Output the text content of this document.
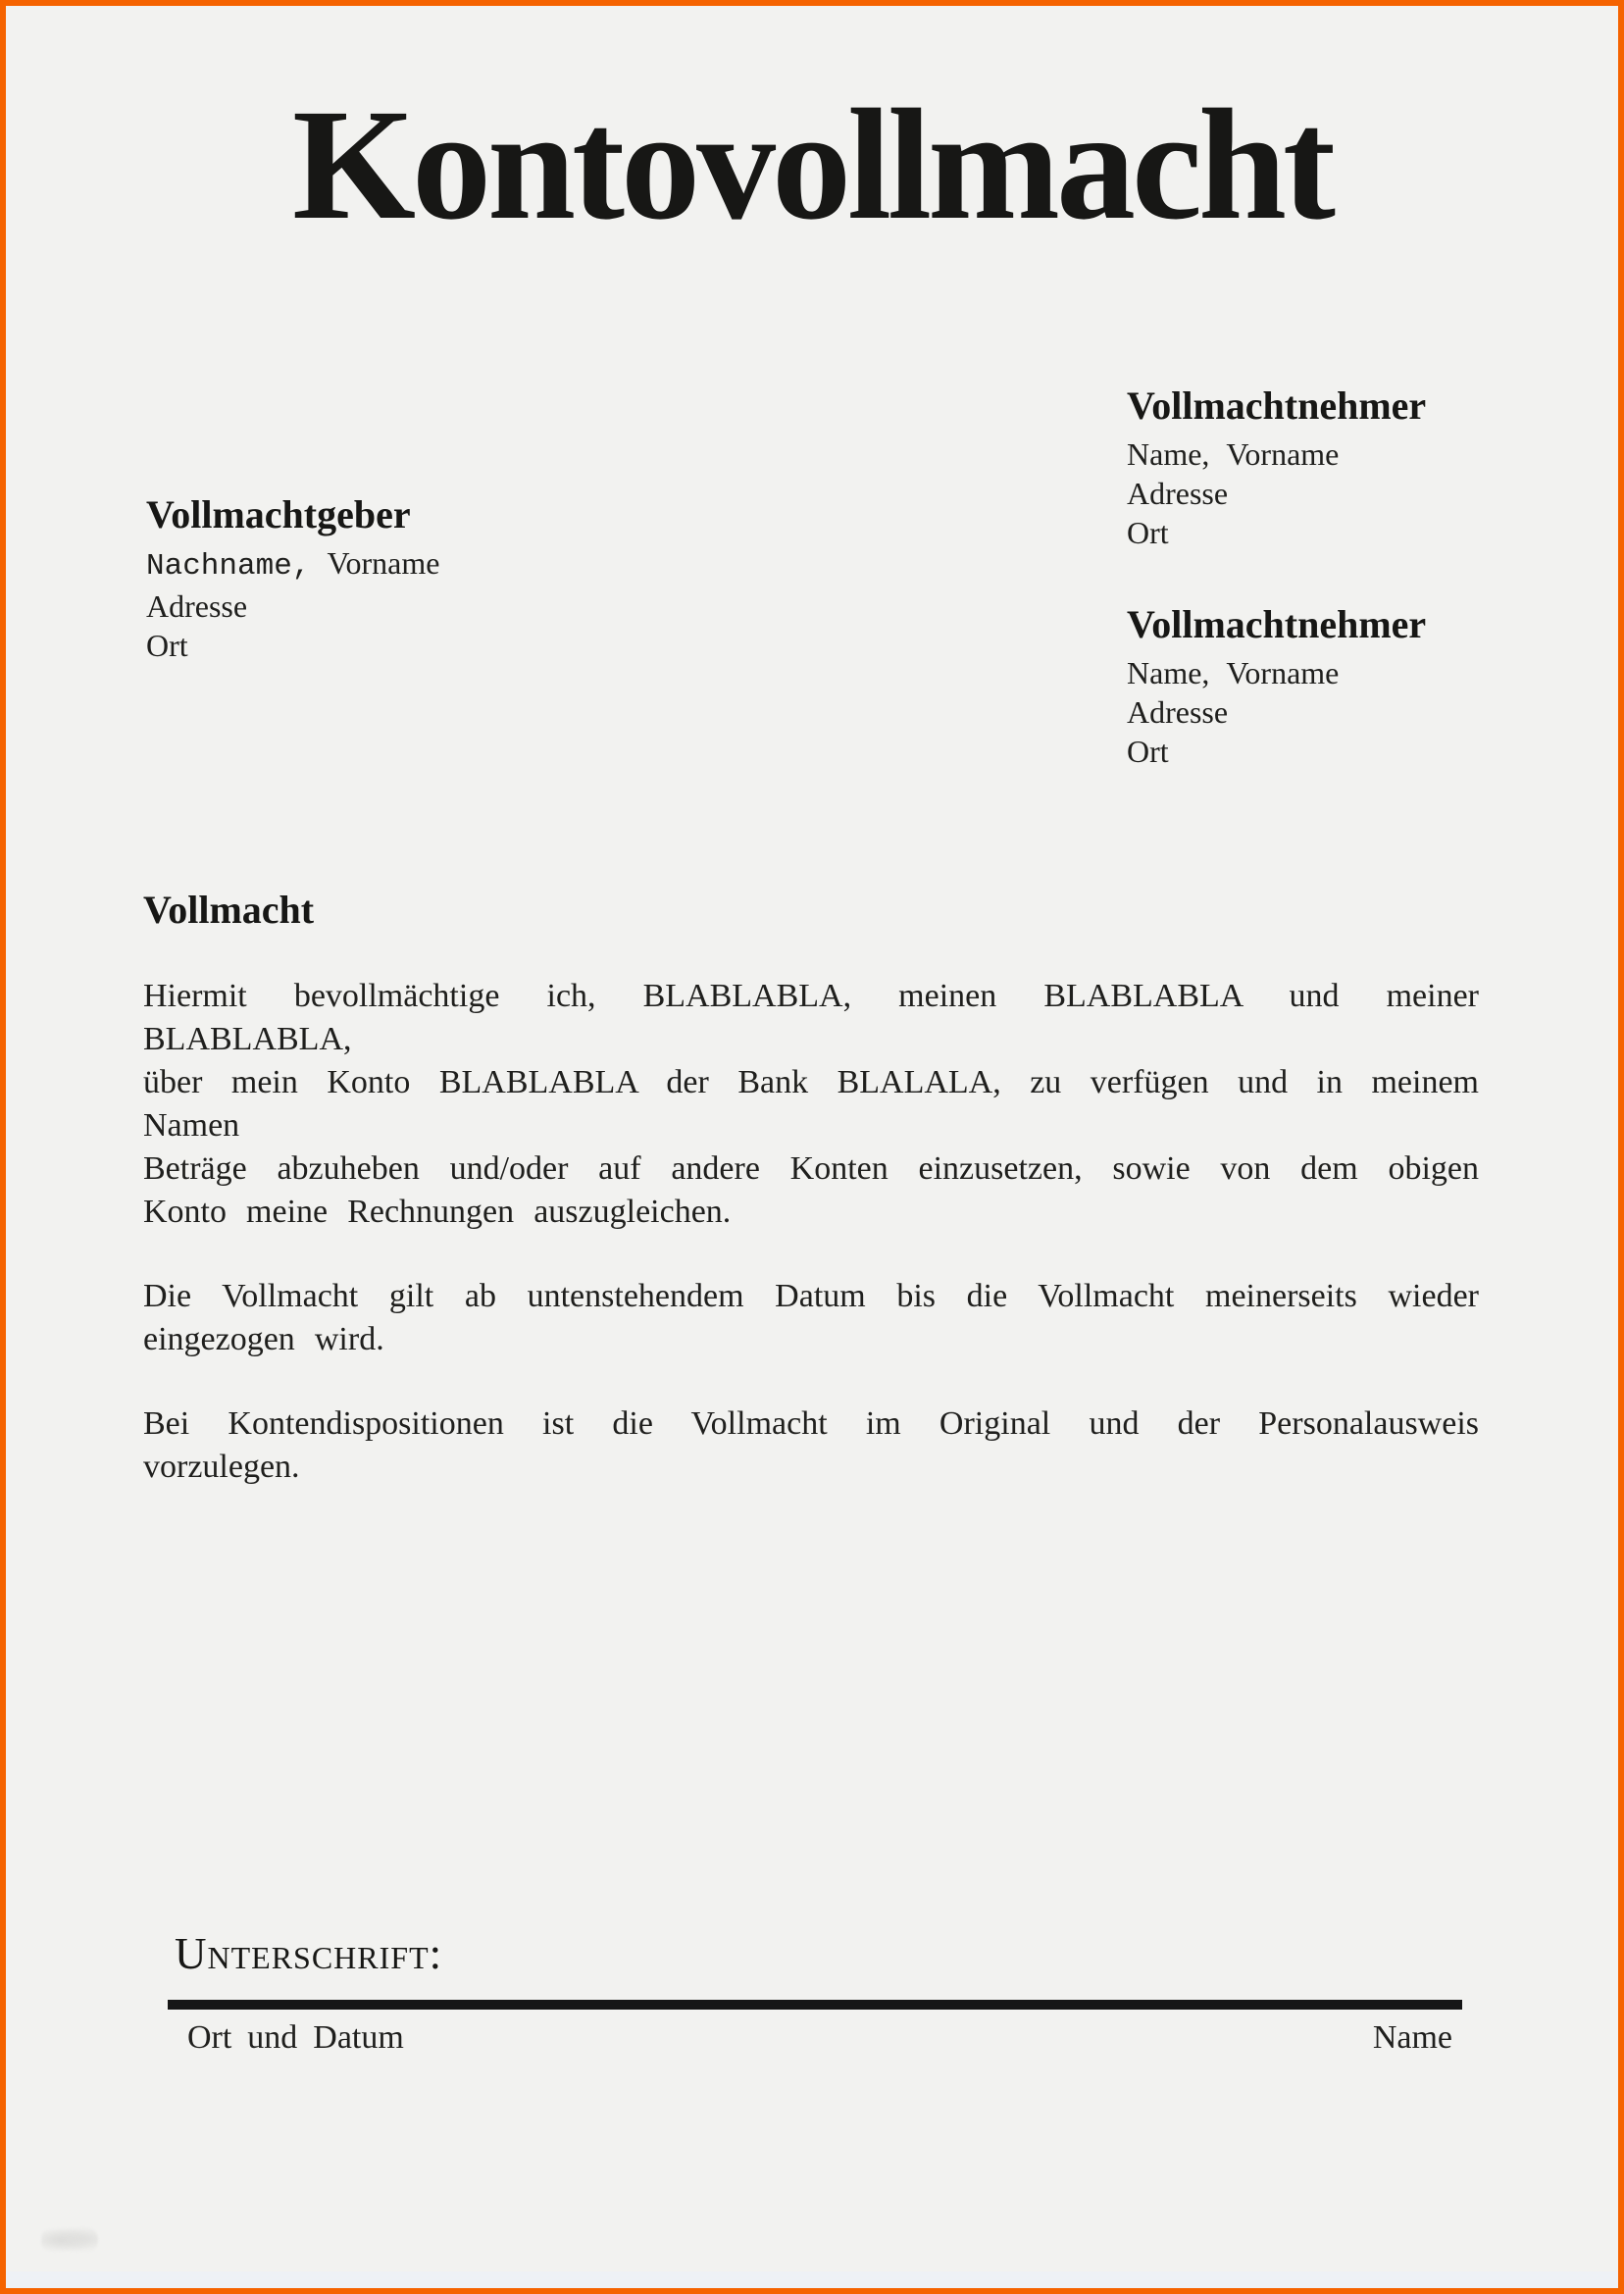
Kontovollmacht
Vollmachtnehmer
Name, Vorname
Adresse
Ort
Vollmachtgeber
Nachname, Vorname
Adresse
Ort	Vollmachtnehmer
Name, Vorname
Adresse
Ort
Vollmacht
Hiermit bevollmächtige ich, BLABLABLA, meinen BLABLABLA und meiner BLABLABLA,
über mein Konto BLABLABLA der Bank BLALALA, zu verfügen und in meinem Namen
Beträge abzuheben und/oder auf andere Konten einzusetzen, sowie von dem obigen
Konto meine Rechnungen auszugleichen.
Die Vollmacht gilt ab untenstehendem Datum bis die Vollmacht meinerseits wieder
eingezogen wird.
Bei Kontendispositionen ist die Vollmacht im Original und der Personalausweis
vorzulegen.
Unterschrift:
Ort und Datum	Name
